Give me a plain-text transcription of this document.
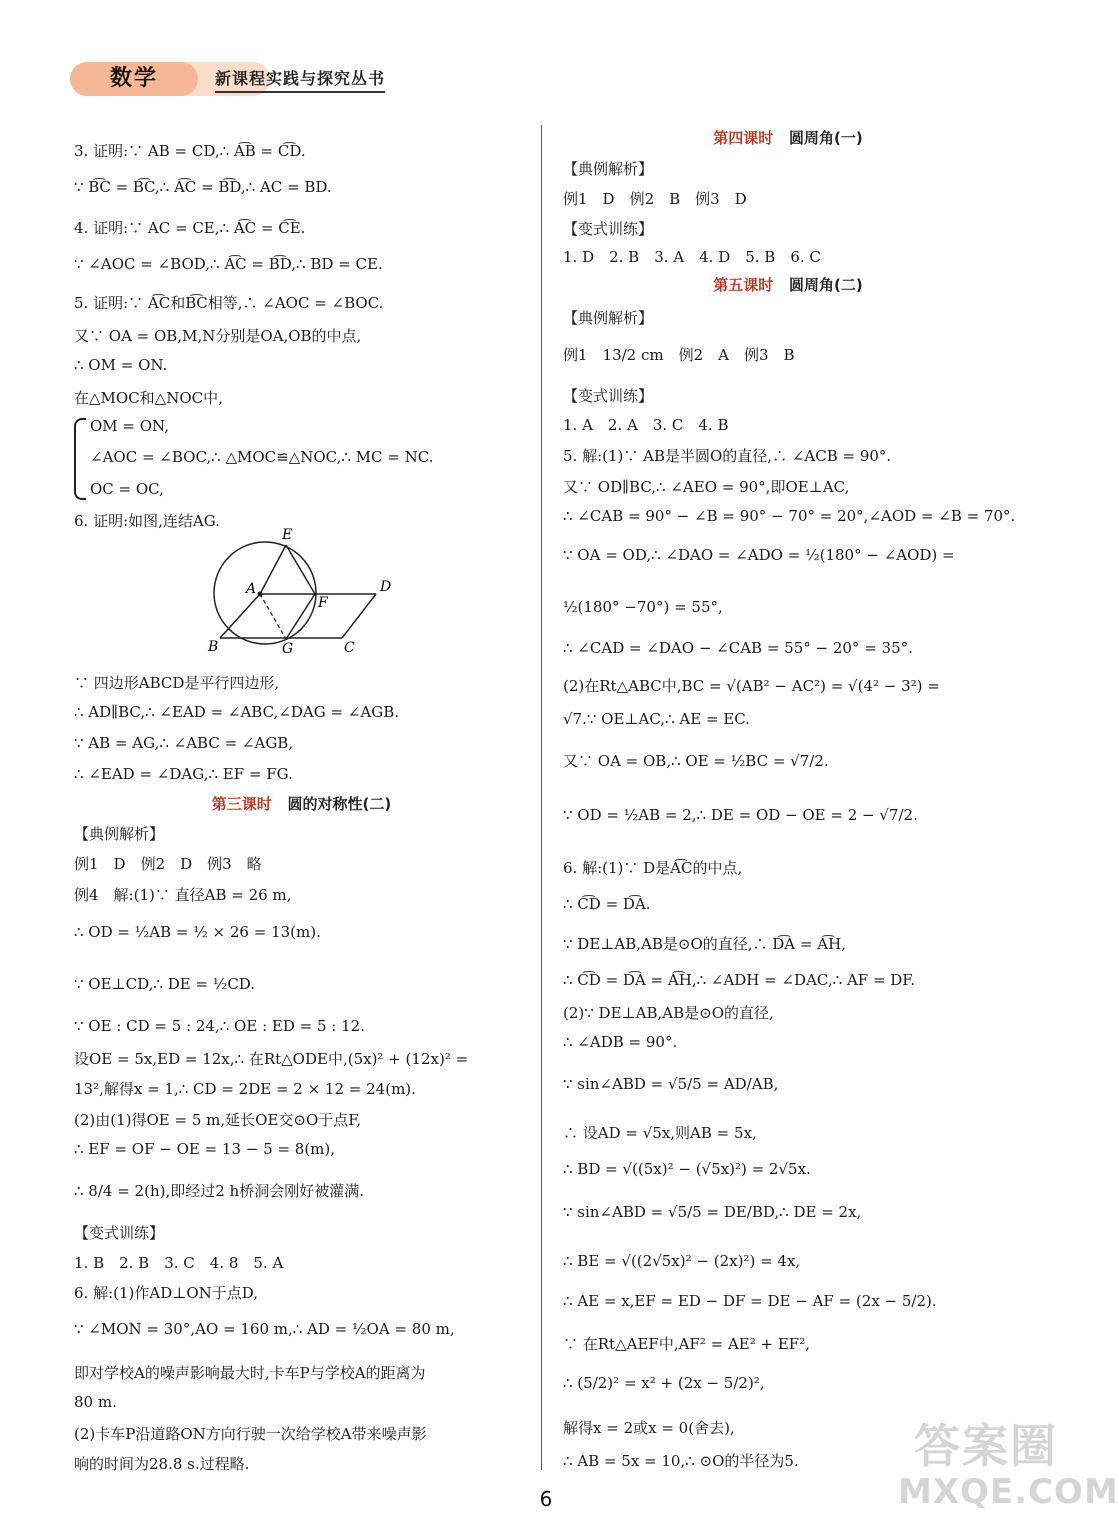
数学	新课程实践与探究丛书
3. 证明:∵ AB = CD,∴ A͡B = C͡D.
∵ B͡C = B͡C,∴ A͡C = B͡D,∴ AC = BD.
4. 证明:∵ AC = CE,∴ A͡C = C͡E.
∵ ∠AOC = ∠BOD,∴ A͡C = B͡D,∴ BD = CE.
5. 证明:∵ A͡C和B͡C相等,∴ ∠AOC = ∠BOC.
又∵ OA = OB,M,N分别是OA,OB的中点,
∴ OM = ON.
在△MOC和△NOC中,
OM = ON,
∠AOC = ∠BOC,∴ △MOC≌△NOC,∴ MC = NC.
OC = OC,
6. 证明:如图,连结AG.
E
A	D
F
B	G	C
∵ 四边形ABCD是平行四边形,
∴ AD∥BC,∴ ∠EAD = ∠ABC,∠DAG = ∠AGB.
∵ AB = AG,∴ ∠ABC = ∠AGB,
∴ ∠EAD = ∠DAG,∴ EF = FG.
第三课时 圆的对称性(二)
【典例解析】
例1　D　例2　D　例3　略
例4　解:(1)∵ 直径AB = 26 m,
∴ OD = ½AB = ½ × 26 = 13(m).
∵ OE⊥CD,∴ DE = ½CD.
∵ OE : CD = 5 : 24,∴ OE : ED = 5 : 12.
设OE = 5x,ED = 12x,∴ 在Rt△ODE中,(5x)² + (12x)² =
13²,解得x = 1,∴ CD = 2DE = 2 × 12 = 24(m).
(2)由(1)得OE = 5 m,延长OE交⊙O于点F,
∴ EF = OF − OE = 13 − 5 = 8(m),
∴ 8/4 = 2(h),即经过2 h桥洞会刚好被灌满.
【变式训练】
1. B　2. B　3. C　4. 8　5. A
6. 解:(1)作AD⊥ON于点D,
∵ ∠MON = 30°,AO = 160 m,∴ AD = ½OA = 80 m,
即对学校A的噪声影响最大时,卡车P与学校A的距离为
80 m.
(2)卡车P沿道路ON方向行驶一次给学校A带来噪声影
响的时间为28.8 s.过程略.
第四课时 圆周角(一)
【典例解析】
例1　D　例2　B　例3　D
【变式训练】
1. D　2. B　3. A　4. D　5. B　6. C
第五课时 圆周角(二)
【典例解析】
例1　13/2 cm　例2　A　例3　B
【变式训练】
1. A　2. A　3. C　4. B
5. 解:(1)∵ AB是半圆O的直径,∴ ∠ACB = 90°.
又∵ OD∥BC,∴ ∠AEO = 90°,即OE⊥AC,
∴ ∠CAB = 90° − ∠B = 90° − 70° = 20°,∠AOD = ∠B = 70°.
∵ OA = OD,∴ ∠DAO = ∠ADO = ½(180° − ∠AOD) =
½(180° −70°) = 55°,
∴ ∠CAD = ∠DAO − ∠CAB = 55° − 20° = 35°.
(2)在Rt△ABC中,BC = √(AB² − AC²) = √(4² − 3²) =
√7.∵ OE⊥AC,∴ AE = EC.
又∵ OA = OB,∴ OE = ½BC = √7/2.
∵ OD = ½AB = 2,∴ DE = OD − OE = 2 − √7/2.
6. 解:(1)∵ D是A͡C的中点,
∴ C͡D = D͡A.
∵ DE⊥AB,AB是⊙O的直径,∴ D͡A = A͡H,
∴ C͡D = D͡A = A͡H,∴ ∠ADH = ∠DAC,∴ AF = DF.
(2)∵ DE⊥AB,AB是⊙O的直径,
∴ ∠ADB = 90°.
∵ sin∠ABD = √5/5 = AD/AB,
∴ 设AD = √5x,则AB = 5x,
∴ BD = √((5x)² − (√5x)²) = 2√5x.
∵ sin∠ABD = √5/5 = DE/BD,∴ DE = 2x,
∴ BE = √((2√5x)² − (2x)²) = 4x,
∴ AE = x,EF = ED − DF = DE − AF = (2x − 5/2).
∵ 在Rt△AEF中,AF² = AE² + EF²,
∴ (5/2)² = x² + (2x − 5/2)²,
解得x = 2或x = 0(舍去),
∴ AB = 5x = 10,∴ ⊙O的半径为5.
6
答案圈
MXQE.COM
